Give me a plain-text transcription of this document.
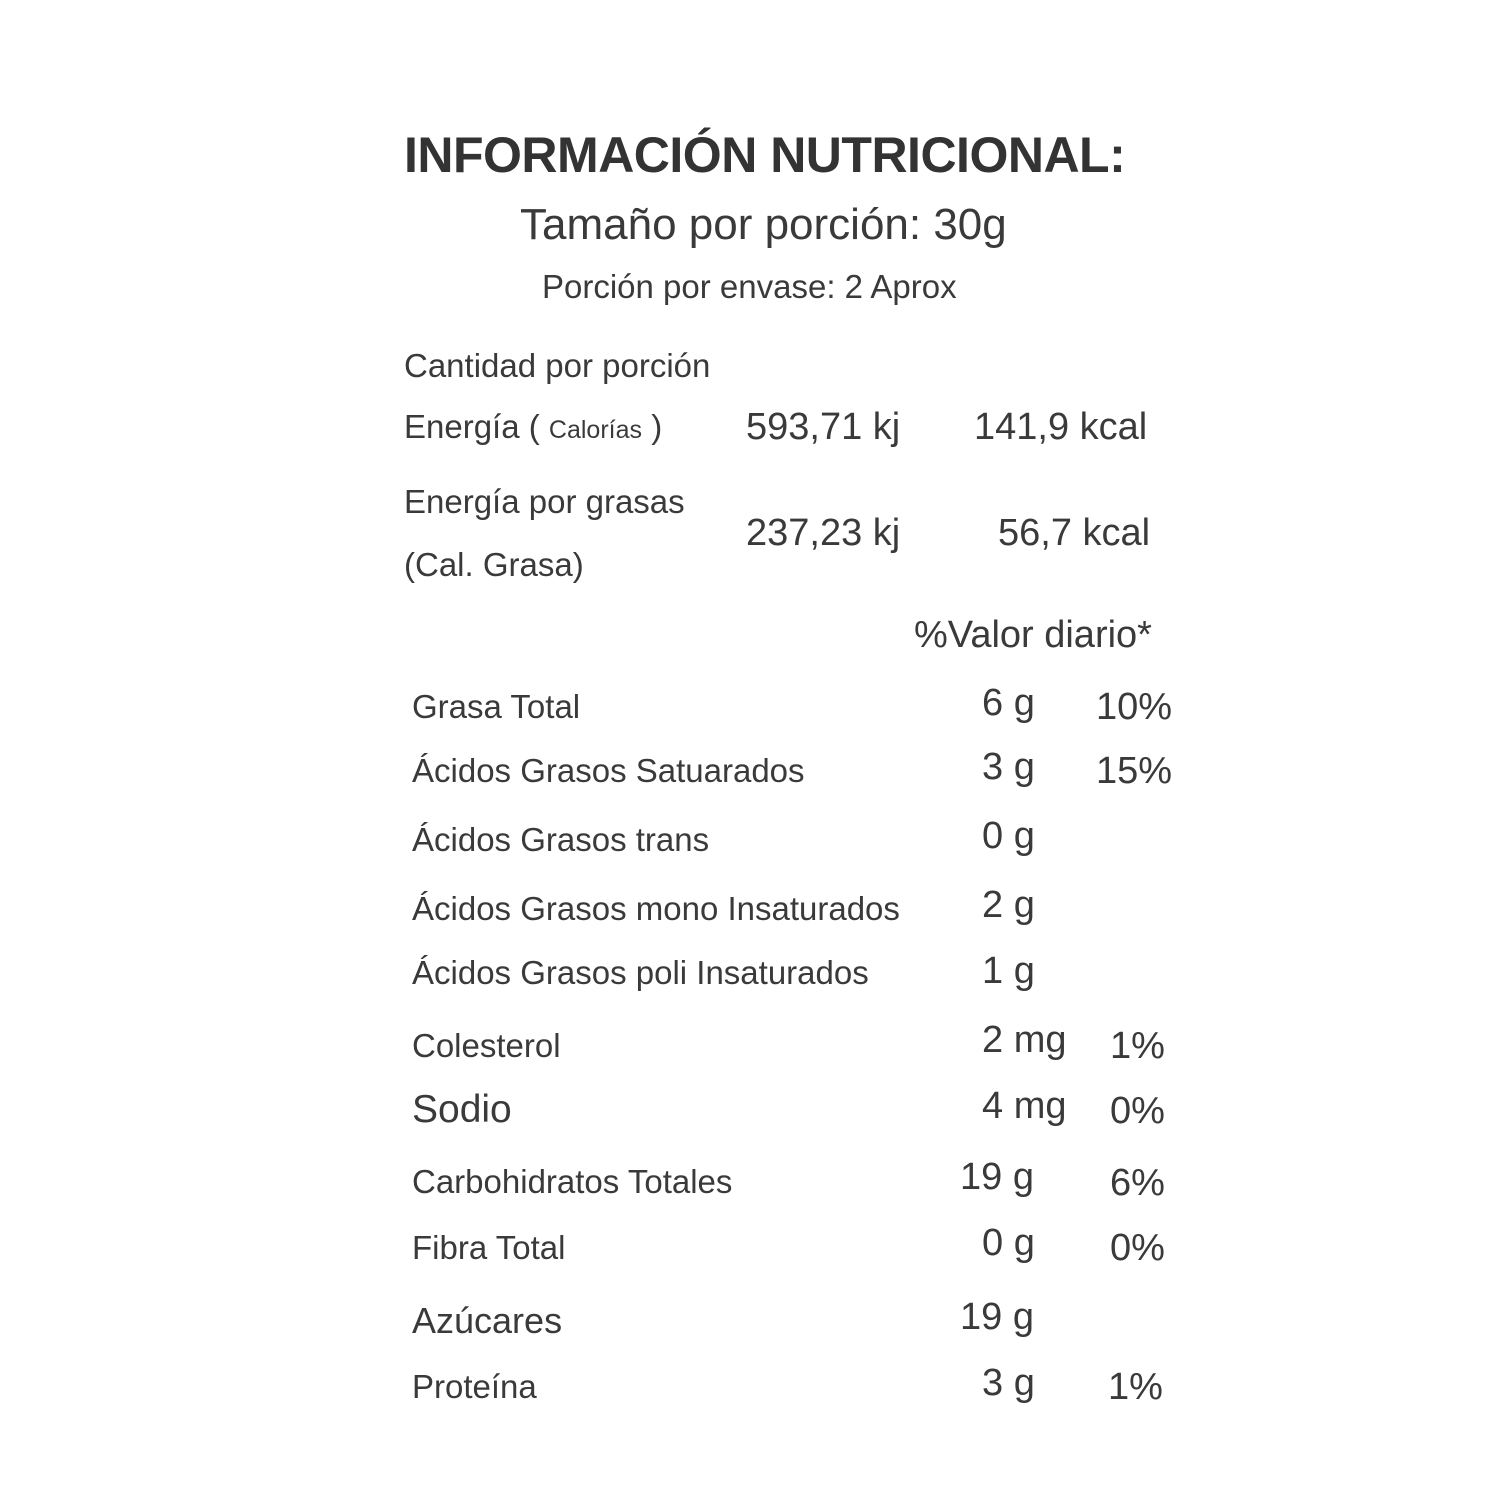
INFORMACIÓN NUTRICIONAL:
Tamaño por porción: 30g
Porción por envase: 2 Aprox
Cantidad por porción
Energía ( Calorías ) 593,71 kj 141,9 kcal
Energía por grasas
(Cal. Grasa)
237,23 kj	56,7 kcal
%Valor diario*
Grasa Total	6 g 10%
Ácidos Grasos Satuarados	3 g 15%
Ácidos Grasos trans	0 g
Ácidos Grasos mono Insaturados 2 g
Ácidos Grasos poli Insaturados	1 g
Colesterol	2 mg 1%
Sodio	4 mg 0%
Carbohidratos Totales	19 g 6%
Fibra Total	0 g 0%
Azúcares	19 g
Proteína	3 g 1%
